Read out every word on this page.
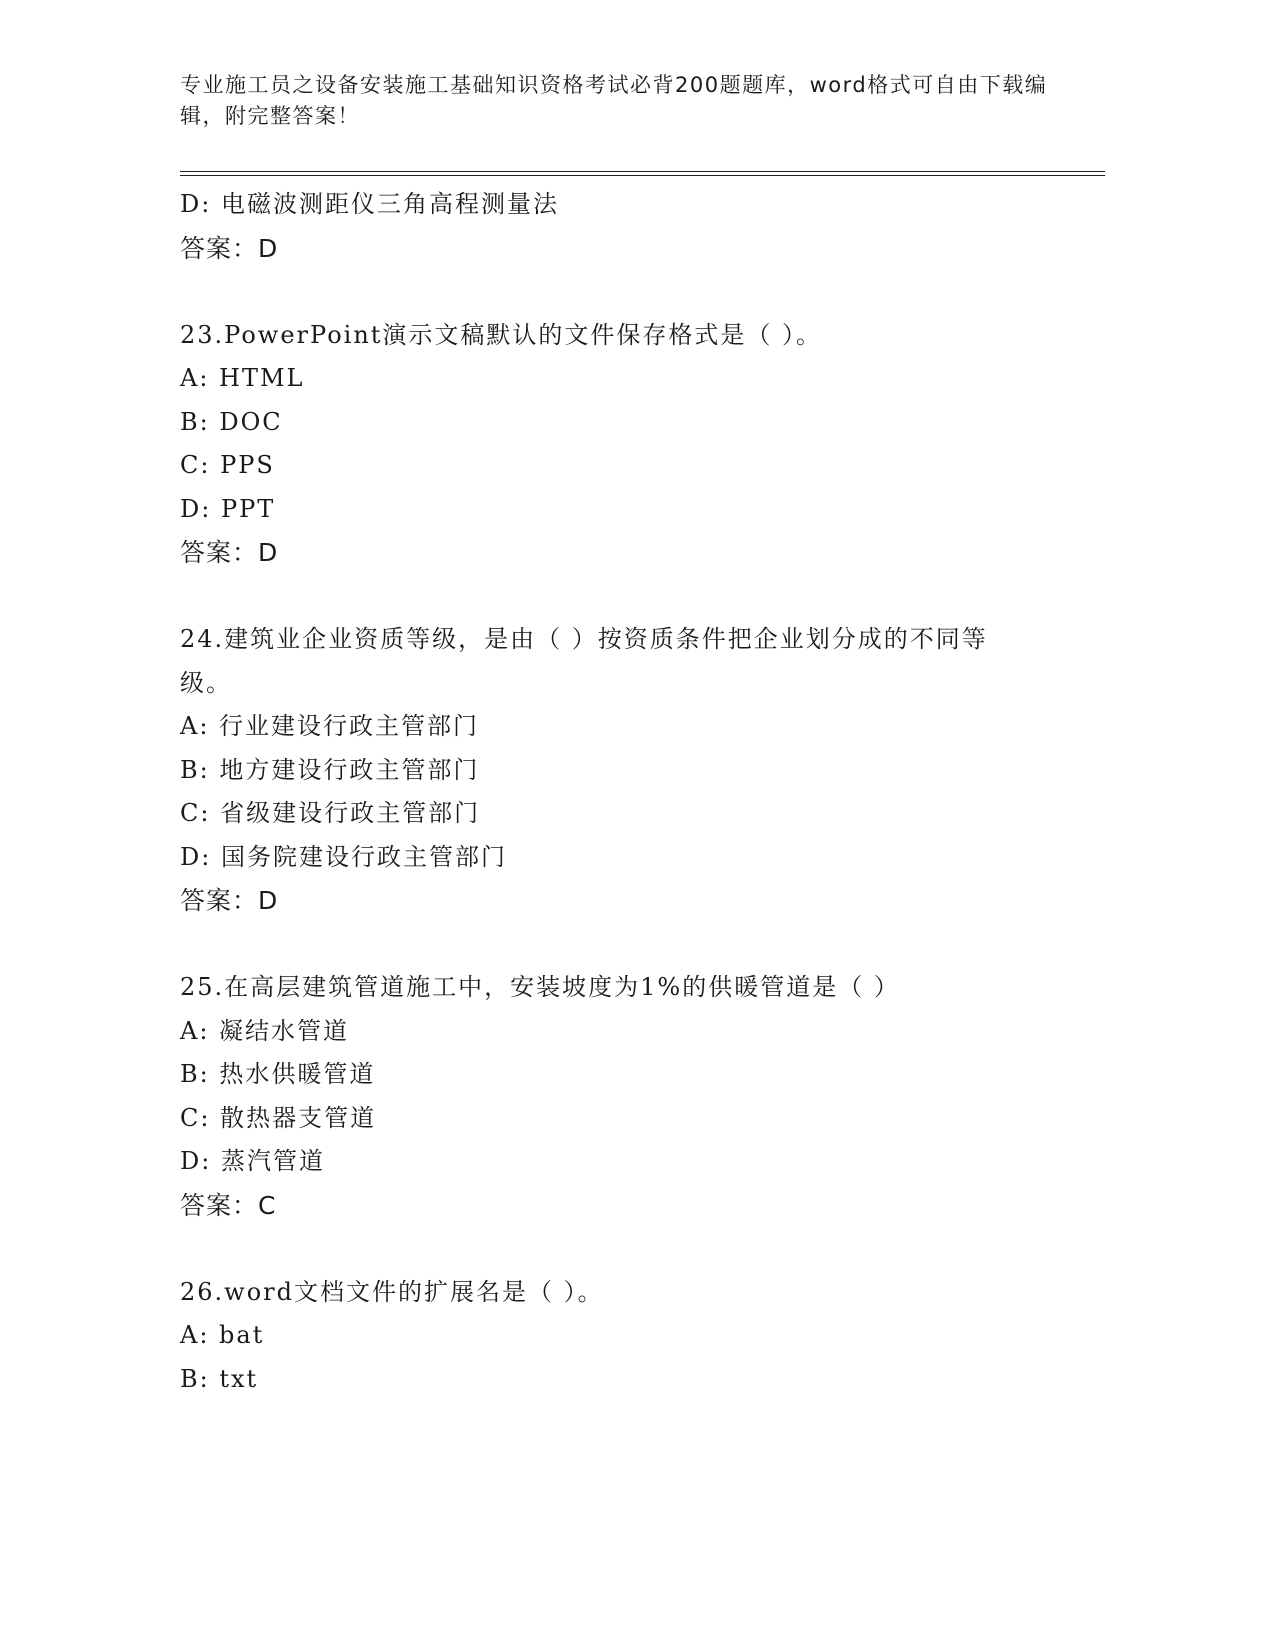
专业施工员之设备安装施工基础知识资格考试必背200题题库，word格式可自由下载编辑，附完整答案！
D: 电磁波测距仪三角高程测量法
答案：D
23.PowerPoint演示文稿默认的文件保存格式是（ ）。
A: HTML
B: DOC
C: PPS
D: PPT
答案：D
24.建筑业企业资质等级，是由（ ）按资质条件把企业划分成的不同等级。
A: 行业建设行政主管部门
B: 地方建设行政主管部门
C: 省级建设行政主管部门
D: 国务院建设行政主管部门
答案：D
25.在高层建筑管道施工中，安装坡度为1%的供暖管道是（ ）
A: 凝结水管道
B: 热水供暖管道
C: 散热器支管道
D: 蒸汽管道
答案：C
26.word文档文件的扩展名是（ ）。
A: bat
B: txt
